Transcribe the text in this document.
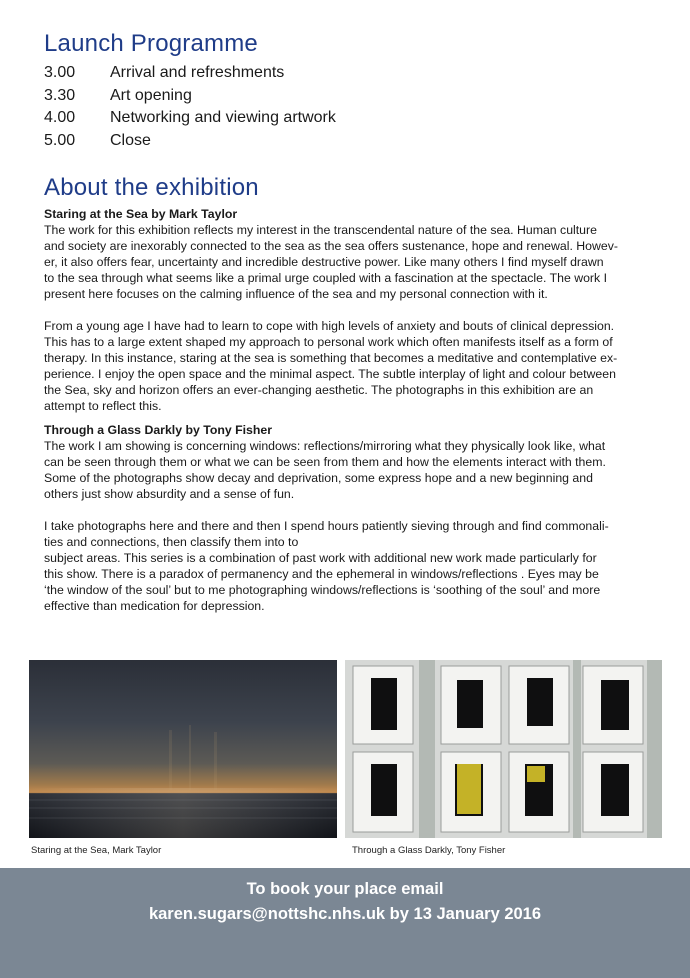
Launch Programme
3.00	Arrival and refreshments
3.30	Art opening
4.00	Networking and viewing artwork
5.00	Close
About the exhibition
Staring at the Sea by Mark Taylor
The work for this exhibition reflects my interest in the transcendental nature of the sea. Human culture
and society are inexorably connected to the sea as the sea offers sustenance, hope and renewal. Howev-
er, it also offers fear, uncertainty and incredible destructive power. Like many others I find myself drawn
to the sea through what seems like a primal urge coupled with a fascination at the spectacle. The work I
present here focuses on the calming influence of the sea and my personal connection with it.
From a young age I have had to learn to cope with high levels of anxiety and bouts of clinical depression.
This has to a large extent shaped my approach to personal work which often manifests itself as a form of
therapy. In this instance, staring at the sea is something that becomes a meditative and contemplative ex-
perience. I enjoy the open space and the minimal aspect. The subtle interplay of light and colour between
the Sea, sky and horizon offers an ever-changing aesthetic. The photographs in this exhibition are an
attempt to reflect this.
Through a Glass Darkly by Tony Fisher
The work I am showing is concerning windows: reflections/mirroring what they physically look like, what
can be seen through them or what we can be seen from them and how the elements interact with them.
Some of the photographs show decay and deprivation, some express hope and a new beginning and
others just show absurdity and a sense of fun.
I take photographs here and there and then I spend hours patiently sieving through and find commonali-
ties and connections, then classify them into to
subject areas. This series is a combination of past work with additional new work made particularly for
this show. There is a paradox of permanency and the ephemeral in windows/reflections . Eyes may be
‘the window of the soul’ but to me photographing windows/reflections is ‘soothing of the soul’ and more
effective than medication for depression.
Staring at the Sea, Mark Taylor	Through a Glass Darkly, Tony Fisher
To book your place email
karen.sugars@nottshc.nhs.uk by 13 January 2016
